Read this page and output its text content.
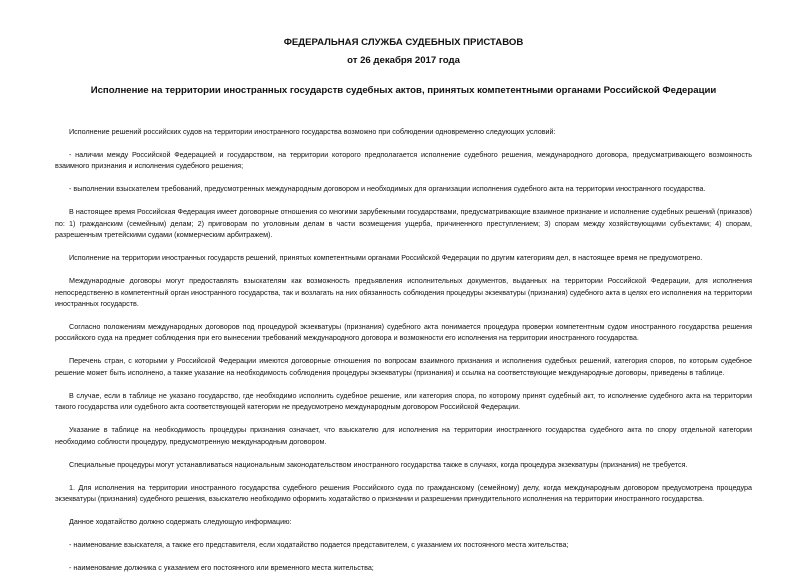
ФЕДЕРАЛЬНАЯ СЛУЖБА СУДЕБНЫХ ПРИСТАВОВ

от 26 декабря 2017 года

Исполнение на территории иностранных государств судебных актов, принятых компетентными органами Российской Федерации

Исполнение решений российских судов на территории иностранного государства возможно при соблюдении одновременно следующих условий:

- наличии между Российской Федерацией и государством, на территории которого предполагается исполнение судебного решения, международного договора, предусматривающего возможность взаимного признания и исполнения судебного решения;

- выполнении взыскателем требований, предусмотренных международным договором и необходимых для организации исполнения судебного акта на территории иностранного государства.

В настоящее время Российская Федерация имеет договорные отношения со многими зарубежными государствами, предусматривающие взаимное признание и исполнение судебных решений (приказов) по: 1) гражданским (семейным) делам; 2) приговорам по уголовным делам в части возмещения ущерба, причиненного преступлением; 3) спорам между хозяйствующими субъектами; 4) спорам, разрешенным третейскими судами (коммерческим арбитражем).

Исполнение на территории иностранных государств решений, принятых компетентными органами Российской Федерации по другим категориям дел, в настоящее время не предусмотрено.

Международные договоры могут предоставлять взыскателям как возможность предъявления исполнительных документов, выданных на территории Российской Федерации, для исполнения непосредственно в компетентный орган иностранного государства, так и возлагать на них обязанность соблюдения процедуры экзекватуры (признания) судебного акта в целях его исполнения на территории иностранных государств.

Согласно положениям международных договоров под процедурой экзекватуры (признания) судебного акта понимается процедура проверки компетентным судом иностранного государства решения российского суда на предмет соблюдения при его вынесении требований международного договора и возможности его исполнения на территории иностранного государства.

Перечень стран, с которыми у Российской Федерации имеются договорные отношения по вопросам взаимного признания и исполнения судебных решений, категория споров, по которым судебное решение может быть исполнено, а также указание на необходимость соблюдения процедуры экзекватуры (признания) и ссылка на соответствующие международные договоры, приведены в таблице.

В случае, если в таблице не указано государство, где необходимо исполнить судебное решение, или категория спора, по которому принят судебный акт, то исполнение судебного акта на территории такого государства или судебного акта соответствующей категории не предусмотрено международным договором Российской Федерации.

Указание в таблице на необходимость процедуры признания означает, что взыскателю для исполнения на территории иностранного государства судебного акта по спору отдельной категории необходимо соблюсти процедуру, предусмотренную международным договором.

Специальные процедуры могут устанавливаться национальным законодательством иностранного государства также в случаях, когда процедура экзекватуры (признания) не требуется.

1. Для исполнения на территории иностранного государства судебного решения Российского суда по гражданскому (семейному) делу, когда международным договором предусмотрена процедура экзекватуры (признания) судебного решения, взыскателю необходимо оформить ходатайство о признании и разрешении принудительного исполнения на территории иностранного государства.

Данное ходатайство должно содержать следующую информацию:

- наименование взыскателя, а также его представителя, если ходатайство подается представителем, с указанием их постоянного места жительства;

- наименование должника с указанием его постоянного или временного места жительства;
